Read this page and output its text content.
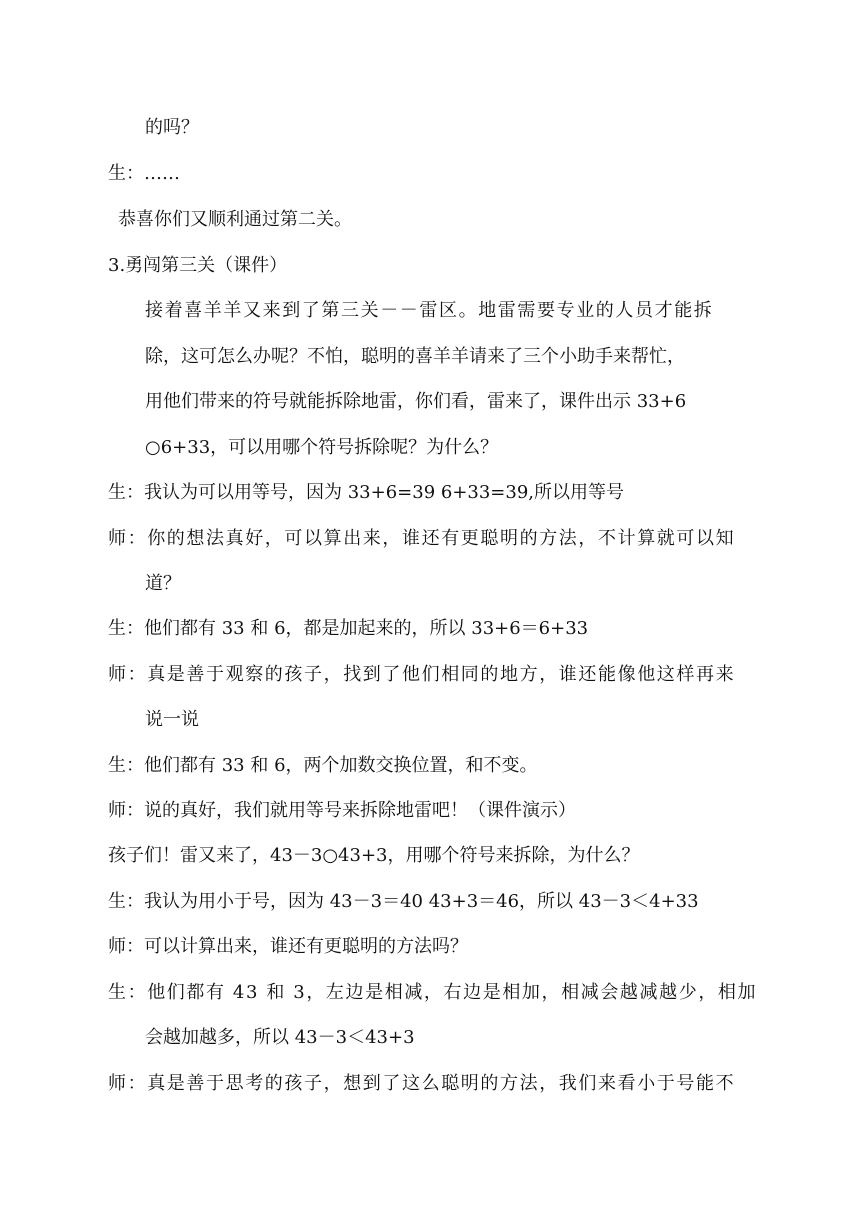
的吗？
生：……
恭喜你们又顺利通过第二关。
3.勇闯第三关（课件）
接着喜羊羊又来到了第三关－－雷区。地雷需要专业的人员才能拆
除，这可怎么办呢？不怕，聪明的喜羊羊请来了三个小助手来帮忙，
用他们带来的符号就能拆除地雷，你们看，雷来了，课件出示 33+6
○6+33，可以用哪个符号拆除呢？为什么？
生：我认为可以用等号，因为 33+6=39 6+33=39,所以用等号
师：你的想法真好，可以算出来，谁还有更聪明的方法，不计算就可以知
道？
生：他们都有 33 和 6，都是加起来的，所以 33+6＝6+33
师：真是善于观察的孩子，找到了他们相同的地方，谁还能像他这样再来
说一说
生：他们都有 33 和 6，两个加数交换位置，和不变。
师：说的真好，我们就用等号来拆除地雷吧！（课件演示）
孩子们！雷又来了，43－3○43+3，用哪个符号来拆除，为什么？
生：我认为用小于号，因为 43－3＝40 43+3＝46，所以 43－3＜4+33
师：可以计算出来，谁还有更聪明的方法吗？
生：他们都有 43 和 3，左边是相减，右边是相加，相减会越减越少，相加
会越加越多，所以 43－3＜43+3
师：真是善于思考的孩子，想到了这么聪明的方法，我们来看小于号能不
